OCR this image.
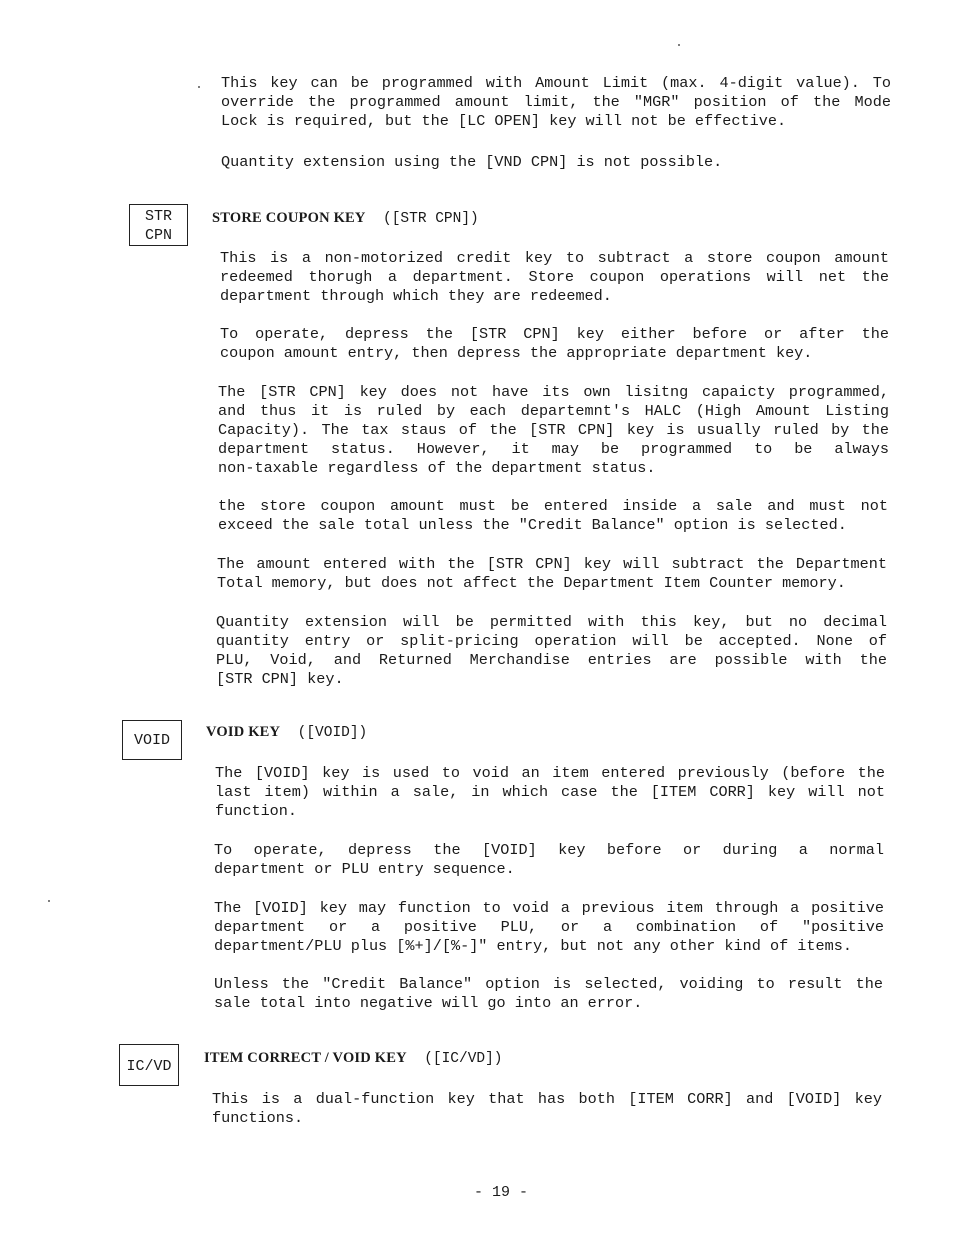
This key can be programmed with Amount Limit (max. 4-digit value). To
override the programmed amount limit, the "MGR" position of the Mode
Lock is required, but the [LC OPEN] key will not be effective.
Quantity extension using the [VND CPN] is not possible.
STR
CPN
STORE COUPON KEY ([STR CPN])
This is a non-motorized credit key to subtract a store coupon amount
redeemed thorugh a department. Store coupon operations will net the
department through which they are redeemed.
To operate, depress the [STR CPN] key either before or after the
coupon amount entry, then depress the appropriate department key.
The [STR CPN] key does not have its own lisitng capaicty programmed,
and thus it is ruled by each departemnt's HALC (High Amount Listing
Capacity). The tax staus of the [STR CPN] key is usually ruled by the
department status. However, it may be programmed to be always
non-taxable regardless of the department status.
the store coupon amount must be entered inside a sale and must not
exceed the sale total unless the "Credit Balance" option is selected.
The amount entered with the [STR CPN] key will subtract the Department
Total memory, but does not affect the Department Item Counter memory.
Quantity extension will be permitted with this key, but no decimal
quantity entry or split-pricing operation will be accepted. None of
PLU, Void, and Returned Merchandise entries are possible with the
[STR CPN] key.
VOID	VOID KEY ([VOID])
The [VOID] key is used to void an item entered previously (before the
last item) within a sale, in which case the [ITEM CORR] key will not
function.
To operate, depress the [VOID] key before or during a normal
department or PLU entry sequence.
The [VOID] key may function to void a previous item through a positive
department or a positive PLU, or a combination of "positive
department/PLU plus [%+]/[%-]" entry, but not any other kind of items.
Unless the "Credit Balance" option is selected, voiding to result the
sale total into negative will go into an error.
IC/VD	ITEM CORRECT / VOID KEY ([IC/VD])
This is a dual-function key that has both [ITEM CORR] and [VOID] key
functions.
- 19 -
